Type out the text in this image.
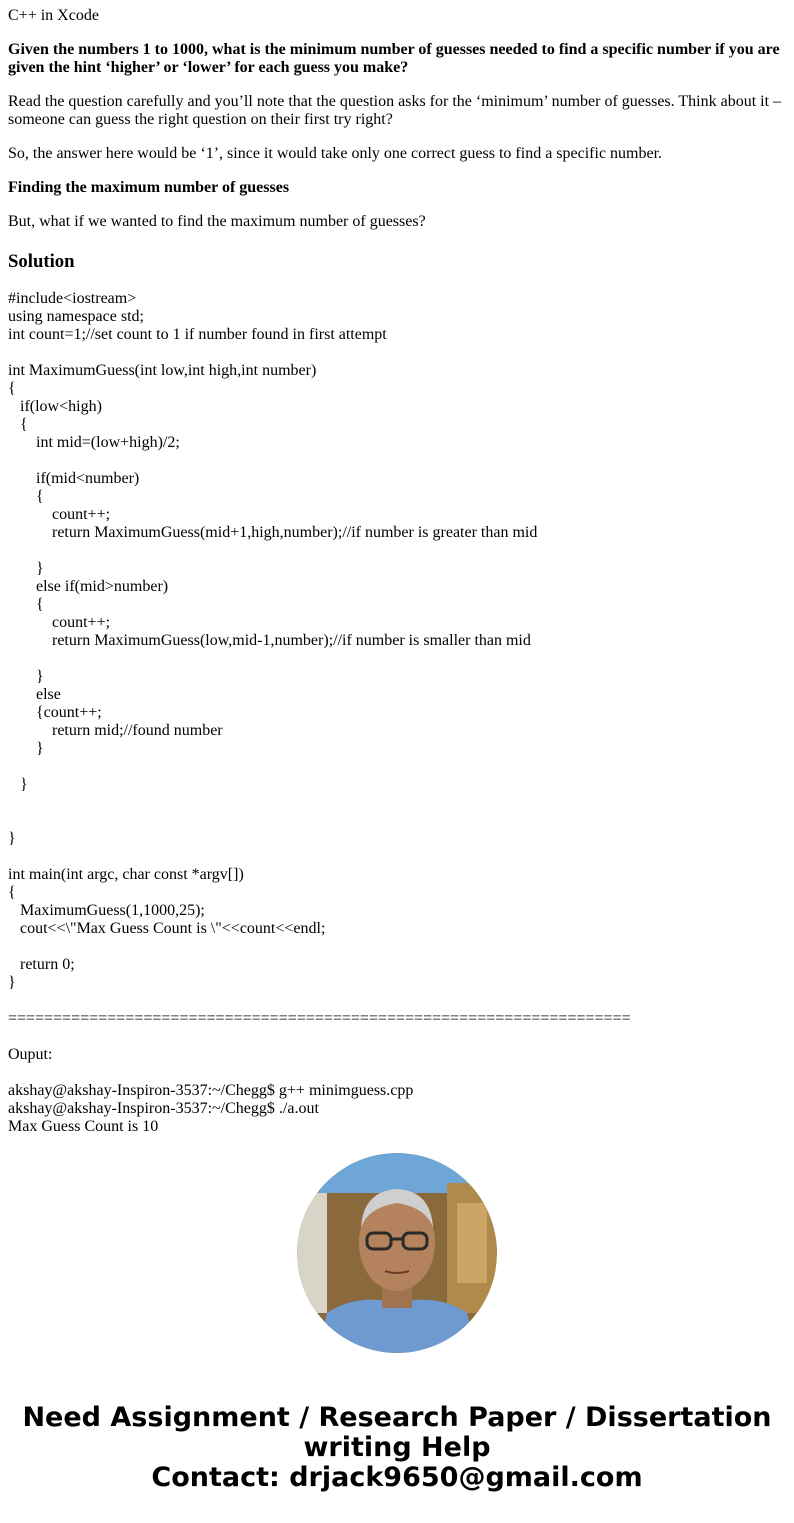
C++ in Xcode

Given the numbers 1 to 1000, what is the minimum number of guesses needed to find a specific number if you are given the hint ‘higher’ or ‘lower’ for each guess you make?

Read the question carefully and you’ll note that the question asks for the ‘minimum’ number of guesses. Think about it – someone can guess the right question on their first try right?

So, the answer here would be ‘1’, since it would take only one correct guess to find a specific number.

Finding the maximum number of guesses

But, what if we wanted to find the maximum number of guesses?

Solution

#include<iostream>
using namespace std;
int count=1;//set count to 1 if number found in first attempt

int MaximumGuess(int low,int high,int number)
{
if(low<high)
{
int mid=(low+high)/2;

if(mid<number)
{
count++;
return MaximumGuess(mid+1,high,number);//if number is greater than mid

}
else if(mid>number)
{
count++;
return MaximumGuess(low,mid-1,number);//if number is smaller than mid

}
else
{count++;
return mid;//found number
}

}

}

int main(int argc, char const *argv[])
{
MaximumGuess(1,1000,25);
cout<<\"Max Guess Count is \"<<count<<endl;

return 0;
}

=====================================================================

Ouput:

akshay@akshay-Inspiron-3537:~/Chegg$ g++ minimguess.cpp
akshay@akshay-Inspiron-3537:~/Chegg$ ./a.out
Max Guess Count is 10
Need Assignment / Research Paper / Dissertation
writing Help
Contact: drjack9650@gmail.com
